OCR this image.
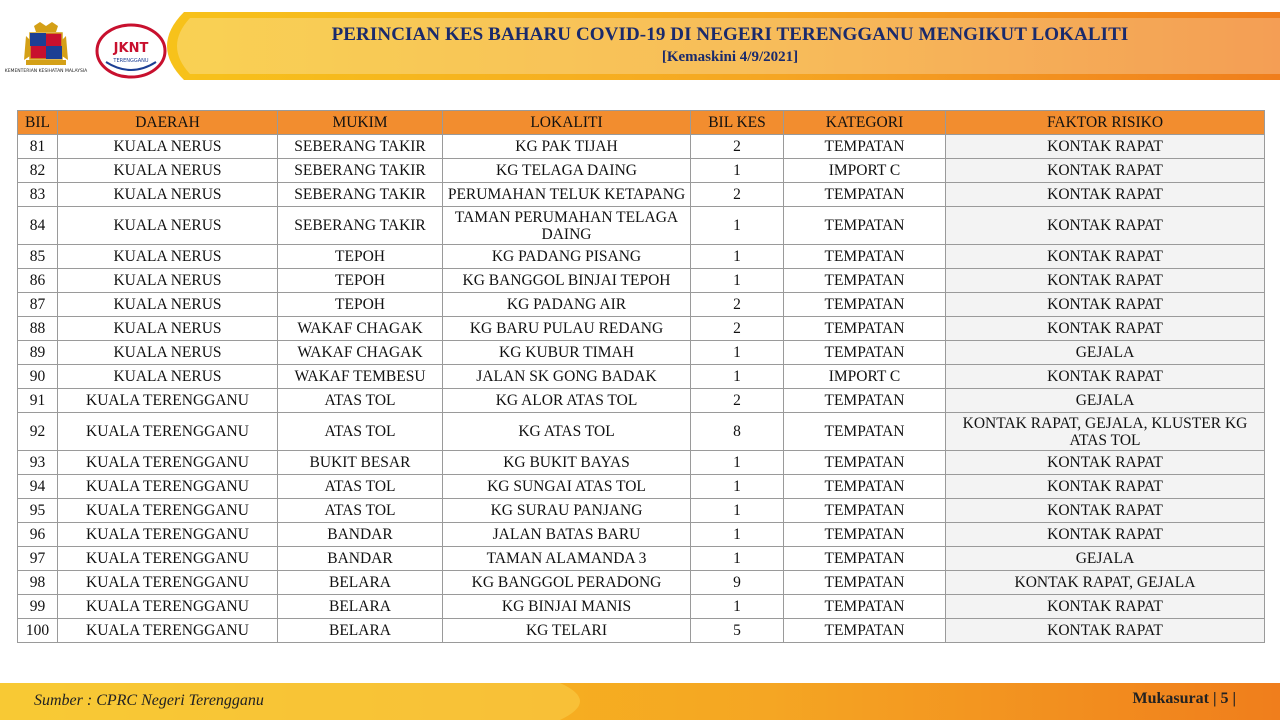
KEMENTERIAN KESIHATAN MALAYSIA
JKNT
TERENGGANU
PERINCIAN KES BAHARU COVID-19 DI NEGERI TERENGGANU MENGIKUT LOKALITI
[Kemaskini 4/9/2021]
BIL	DAERAH	MUKIM	LOKALITI	BIL KES	KATEGORI	FAKTOR RISIKO
81	KUALA NERUS	SEBERANG TAKIR	KG PAK TIJAH	2	TEMPATAN	KONTAK RAPAT
82	KUALA NERUS	SEBERANG TAKIR	KG TELAGA DAING	1	IMPORT C	KONTAK RAPAT
83	KUALA NERUS	SEBERANG TAKIR	PERUMAHAN TELUK KETAPANG	2	TEMPATAN	KONTAK RAPAT
84	KUALA NERUS	SEBERANG TAKIR	TAMAN PERUMAHAN TELAGA DAING	1	TEMPATAN	KONTAK RAPAT
85	KUALA NERUS	TEPOH	KG PADANG PISANG	1	TEMPATAN	KONTAK RAPAT
86	KUALA NERUS	TEPOH	KG BANGGOL BINJAI TEPOH	1	TEMPATAN	KONTAK RAPAT
87	KUALA NERUS	TEPOH	KG PADANG AIR	2	TEMPATAN	KONTAK RAPAT
88	KUALA NERUS	WAKAF CHAGAK	KG BARU PULAU REDANG	2	TEMPATAN	KONTAK RAPAT
89	KUALA NERUS	WAKAF CHAGAK	KG KUBUR TIMAH	1	TEMPATAN	GEJALA
90	KUALA NERUS	WAKAF TEMBESU	JALAN SK GONG BADAK	1	IMPORT C	KONTAK RAPAT
91	KUALA TERENGGANU	ATAS TOL	KG ALOR ATAS TOL	2	TEMPATAN	GEJALA
92	KUALA TERENGGANU	ATAS TOL	KG ATAS TOL	8	TEMPATAN	KONTAK RAPAT, GEJALA, KLUSTER KG ATAS TOL
93	KUALA TERENGGANU	BUKIT BESAR	KG BUKIT BAYAS	1	TEMPATAN	KONTAK RAPAT
94	KUALA TERENGGANU	ATAS TOL	KG SUNGAI ATAS TOL	1	TEMPATAN	KONTAK RAPAT
95	KUALA TERENGGANU	ATAS TOL	KG SURAU PANJANG	1	TEMPATAN	KONTAK RAPAT
96	KUALA TERENGGANU	BANDAR	JALAN BATAS BARU	1	TEMPATAN	KONTAK RAPAT
97	KUALA TERENGGANU	BANDAR	TAMAN ALAMANDA 3	1	TEMPATAN	GEJALA
98	KUALA TERENGGANU	BELARA	KG BANGGOL PERADONG	9	TEMPATAN	KONTAK RAPAT, GEJALA
99	KUALA TERENGGANU	BELARA	KG BINJAI MANIS	1	TEMPATAN	KONTAK RAPAT
100	KUALA TERENGGANU	BELARA	KG TELARI	5	TEMPATAN	KONTAK RAPAT
Sumber : CPRC Negeri Terengganu	Mukasurat | 5 |
